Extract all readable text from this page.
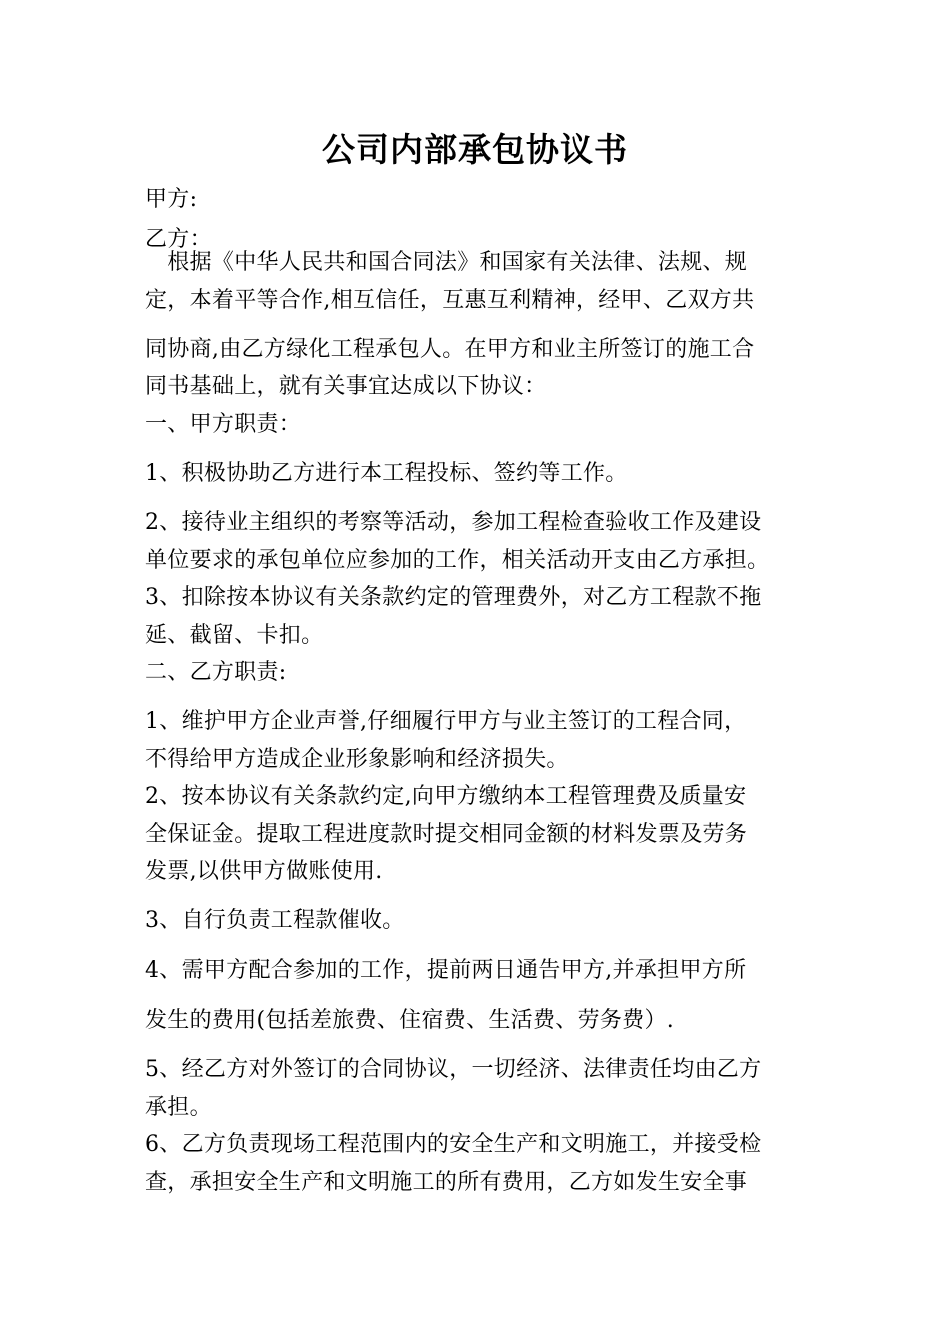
公司内部承包协议书
甲方:
乙方：
　根据《中华人民共和国合同法》和国家有关法律、法规、规
定，本着平等合作,相互信任，互惠互利精神，经甲、乙双方共
同协商,由乙方绿化工程承包人。在甲方和业主所签订的施工合
同书基础上，就有关事宜达成以下协议：
一、甲方职责：
1、积极协助乙方进行本工程投标、签约等工作。
2、接待业主组织的考察等活动，参加工程检查验收工作及建设
单位要求的承包单位应参加的工作，相关活动开支由乙方承担。
3、扣除按本协议有关条款约定的管理费外，对乙方工程款不拖
延、截留、卡扣。
二、乙方职责:
1、维护甲方企业声誉,仔细履行甲方与业主签订的工程合同，
不得给甲方造成企业形象影响和经济损失。
2、按本协议有关条款约定,向甲方缴纳本工程管理费及质量安
全保证金。提取工程进度款时提交相同金额的材料发票及劳务
发票,以供甲方做账使用.
3、自行负责工程款催收。
4、需甲方配合参加的工作，提前两日通告甲方,并承担甲方所
发生的费用(包括差旅费、住宿费、生活费、劳务费）.
5、经乙方对外签订的合同协议，一切经济、法律责任均由乙方
承担。
6、乙方负责现场工程范围内的安全生产和文明施工，并接受检
查，承担安全生产和文明施工的所有费用，乙方如发生安全事
